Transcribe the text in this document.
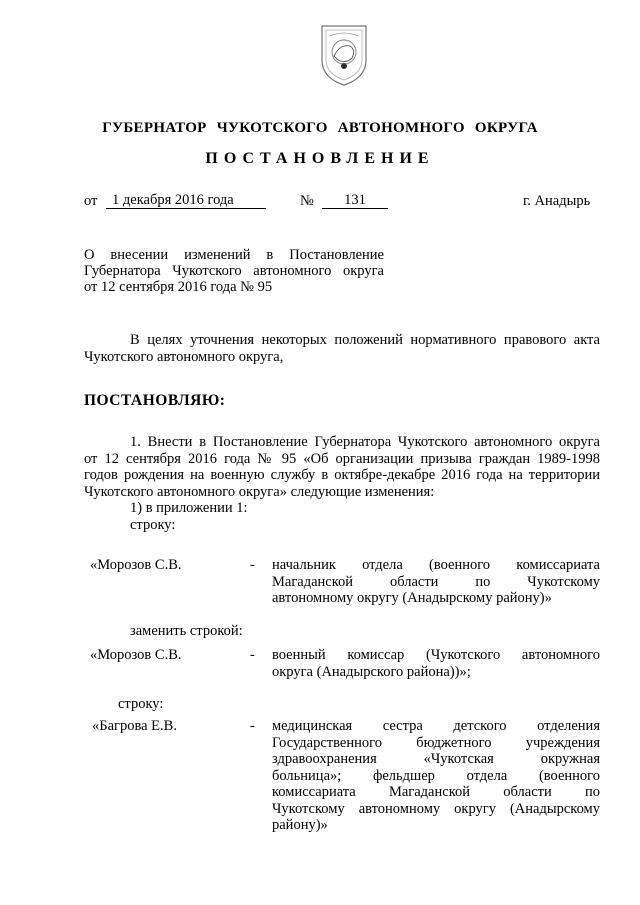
ГУБЕРНАТОР ЧУКОТСКОГО АВТОНОМНОГО ОКРУГА
ПОСТАНОВЛЕНИЕ
от	1 декабря 2016 года	№	131	г. Анадырь
О внесении изменений в Постановление
Губернатора Чукотского автономного округа
от 12 сентября 2016 года № 95
В целях уточнения некоторых положений нормативного правового акта
Чукотского автономного округа,
ПОСТАНОВЛЯЮ:
1. Внести в Постановление Губернатора Чукотского автономного округа
от 12 сентября 2016 года № 95 «Об организации призыва граждан 1989-1998
годов рождения на военную службу в октябре-декабре 2016 года на территории
Чукотского автономного округа» следующие изменения:
1) в приложении 1:
строку:
«Морозов С.В.	- начальник отдела (военного комиссариата
Магаданской области по Чукотскому
автономному округу (Анадырскому району)»
заменить строкой:
«Морозов С.В.	- военный комиссар (Чукотского автономного
округа (Анадырского района))»;
строку:
«Багрова Е.В.	- медицинская сестра детского отделения
Государственного бюджетного учреждения
здравоохранения «Чукотская окружная
больница»; фельдшер отдела (военного
комиссариата Магаданской области по
Чукотскому автономному округу (Анадырскому
району)»
